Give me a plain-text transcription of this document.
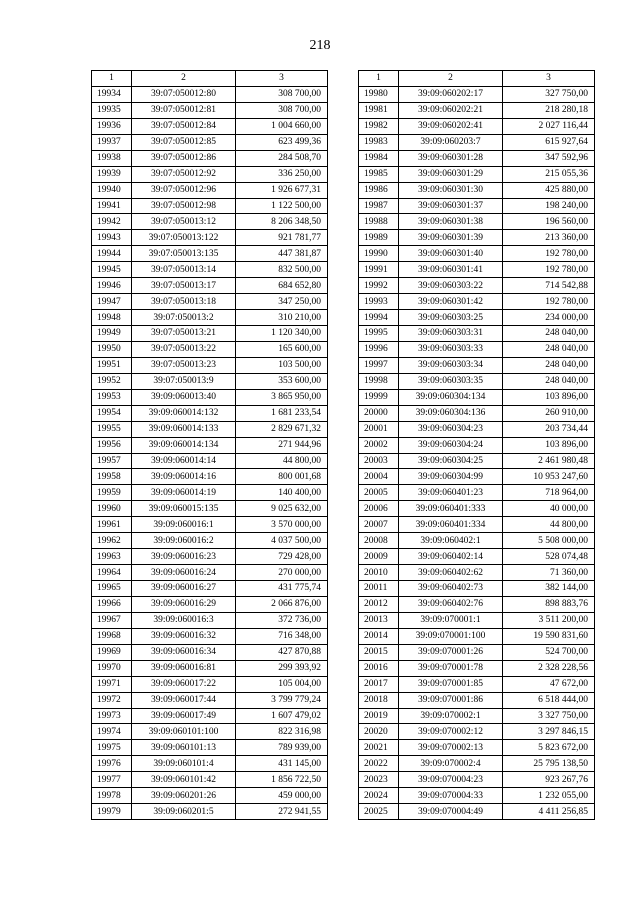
218
1	2	3
19934	39:07:050012:80	308 700,00
19935	39:07:050012:81	308 700,00
19936	39:07:050012:84	1 004 660,00
19937	39:07:050012:85	623 499,36
19938	39:07:050012:86	284 508,70
19939	39:07:050012:92	336 250,00
19940	39:07:050012:96	1 926 677,31
19941	39:07:050012:98	1 122 500,00
19942	39:07:050013:12	8 206 348,50
19943	39:07:050013:122	921 781,77
19944	39:07:050013:135	447 381,87
19945	39:07:050013:14	832 500,00
19946	39:07:050013:17	684 652,80
19947	39:07:050013:18	347 250,00
19948	39:07:050013:2	310 210,00
19949	39:07:050013:21	1 120 340,00
19950	39:07:050013:22	165 600,00
19951	39:07:050013:23	103 500,00
19952	39:07:050013:9	353 600,00
19953	39:09:060013:40	3 865 950,00
19954	39:09:060014:132	1 681 233,54
19955	39:09:060014:133	2 829 671,32
19956	39:09:060014:134	271 944,96
19957	39:09:060014:14	44 800,00
19958	39:09:060014:16	800 001,68
19959	39:09:060014:19	140 400,00
19960	39:09:060015:135	9 025 632,00
19961	39:09:060016:1	3 570 000,00
19962	39:09:060016:2	4 037 500,00
19963	39:09:060016:23	729 428,00
19964	39:09:060016:24	270 000,00
19965	39:09:060016:27	431 775,74
19966	39:09:060016:29	2 066 876,00
19967	39:09:060016:3	372 736,00
19968	39:09:060016:32	716 348,00
19969	39:09:060016:34	427 870,88
19970	39:09:060016:81	299 393,92
19971	39:09:060017:22	105 004,00
19972	39:09:060017:44	3 799 779,24
19973	39:09:060017:49	1 607 479,02
19974	39:09:060101:100	822 316,98
19975	39:09:060101:13	789 939,00
19976	39:09:060101:4	431 145,00
19977	39:09:060101:42	1 856 722,50
19978	39:09:060201:26	459 000,00
19979	39:09:060201:5	272 941,55
1	2	3
19980	39:09:060202:17	327 750,00
19981	39:09:060202:21	218 280,18
19982	39:09:060202:41	2 027 116,44
19983	39:09:060203:7	615 927,64
19984	39:09:060301:28	347 592,96
19985	39:09:060301:29	215 055,36
19986	39:09:060301:30	425 880,00
19987	39:09:060301:37	198 240,00
19988	39:09:060301:38	196 560,00
19989	39:09:060301:39	213 360,00
19990	39:09:060301:40	192 780,00
19991	39:09:060301:41	192 780,00
19992	39:09:060303:22	714 542,88
19993	39:09:060301:42	192 780,00
19994	39:09:060303:25	234 000,00
19995	39:09:060303:31	248 040,00
19996	39:09:060303:33	248 040,00
19997	39:09:060303:34	248 040,00
19998	39:09:060303:35	248 040,00
19999	39:09:060304:134	103 896,00
20000	39:09:060304:136	260 910,00
20001	39:09:060304:23	203 734,44
20002	39:09:060304:24	103 896,00
20003	39:09:060304:25	2 461 980,48
20004	39:09:060304:99	10 953 247,60
20005	39:09:060401:23	718 964,00
20006	39:09:060401:333	40 000,00
20007	39:09:060401:334	44 800,00
20008	39:09:060402:1	5 508 000,00
20009	39:09:060402:14	528 074,48
20010	39:09:060402:62	71 360,00
20011	39:09:060402:73	382 144,00
20012	39:09:060402:76	898 883,76
20013	39:09:070001:1	3 511 200,00
20014	39:09:070001:100	19 590 831,60
20015	39:09:070001:26	524 700,00
20016	39:09:070001:78	2 328 228,56
20017	39:09:070001:85	47 672,00
20018	39:09:070001:86	6 518 444,00
20019	39:09:070002:1	3 327 750,00
20020	39:09:070002:12	3 297 846,15
20021	39:09:070002:13	5 823 672,00
20022	39:09:070002:4	25 795 138,50
20023	39:09:070004:23	923 267,76
20024	39:09:070004:33	1 232 055,00
20025	39:09:070004:49	4 411 256,85
